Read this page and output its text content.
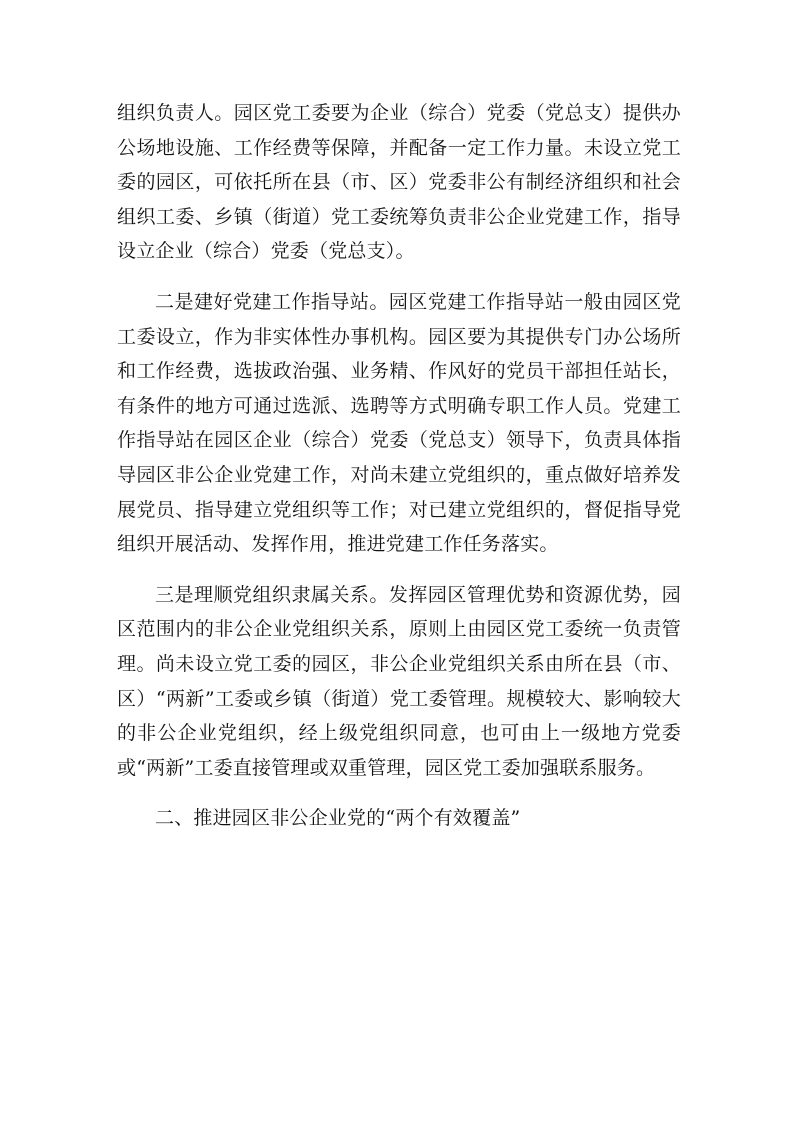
组织负责人。园区党工委要为企业（综合）党委（党总支）提供办公场地设施、工作经费等保障，并配备一定工作力量。未设立党工委的园区，可依托所在县（市、区）党委非公有制经济组织和社会组织工委、乡镇（街道）党工委统筹负责非公企业党建工作，指导设立企业（综合）党委（党总支）。

二是建好党建工作指导站。园区党建工作指导站一般由园区党工委设立，作为非实体性办事机构。园区要为其提供专门办公场所和工作经费，选拔政治强、业务精、作风好的党员干部担任站长，有条件的地方可通过选派、选聘等方式明确专职工作人员。党建工作指导站在园区企业（综合）党委（党总支）领导下，负责具体指导园区非公企业党建工作，对尚未建立党组织的，重点做好培养发展党员、指导建立党组织等工作；对已建立党组织的，督促指导党组织开展活动、发挥作用，推进党建工作任务落实。

三是理顺党组织隶属关系。发挥园区管理优势和资源优势，园区范围内的非公企业党组织关系，原则上由园区党工委统一负责管理。尚未设立党工委的园区，非公企业党组织关系由所在县（市、区）“两新”工委或乡镇（街道）党工委管理。规模较大、影响较大的非公企业党组织，经上级党组织同意，也可由上一级地方党委或“两新”工委直接管理或双重管理，园区党工委加强联系服务。

二、推进园区非公企业党的“两个有效覆盖”
